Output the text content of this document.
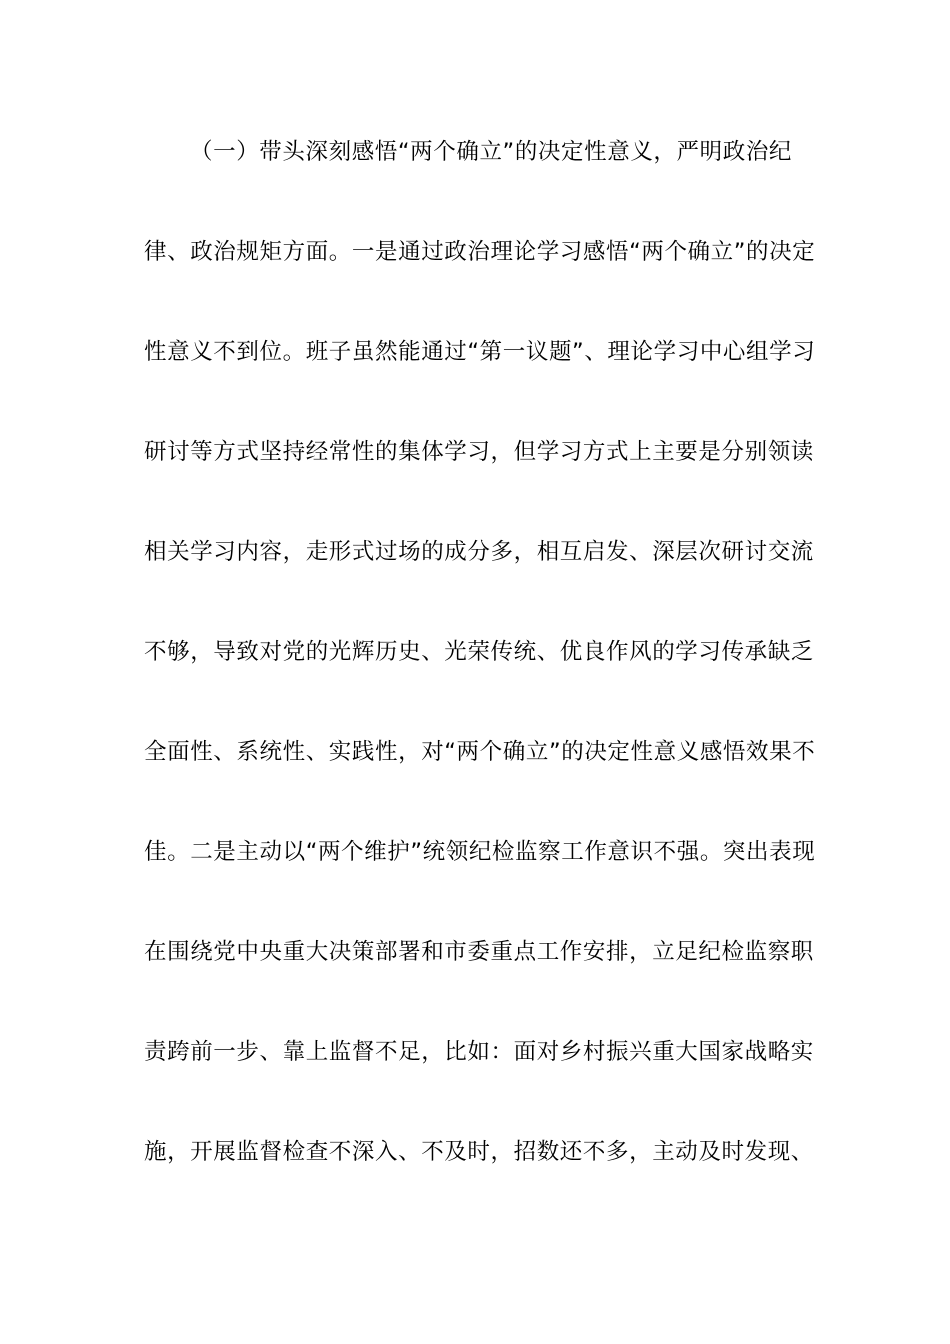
（一）带头深刻感悟“两个确立”的决定性意义，严明政治纪
律、政治规矩方面。一是通过政治理论学习感悟“两个确立”的决定
性意义不到位。班子虽然能通过“第一议题”、理论学习中心组学习
研讨等方式坚持经常性的集体学习，但学习方式上主要是分别领读
相关学习内容，走形式过场的成分多，相互启发、深层次研讨交流
不够，导致对党的光辉历史、光荣传统、优良作风的学习传承缺乏
全面性、系统性、实践性，对“两个确立”的决定性意义感悟效果不
佳。二是主动以“两个维护”统领纪检监察工作意识不强。突出表现
在围绕党中央重大决策部署和市委重点工作安排，立足纪检监察职
责跨前一步、靠上监督不足，比如：面对乡村振兴重大国家战略实
施，开展监督检查不深入、不及时，招数还不多，主动及时发现、
